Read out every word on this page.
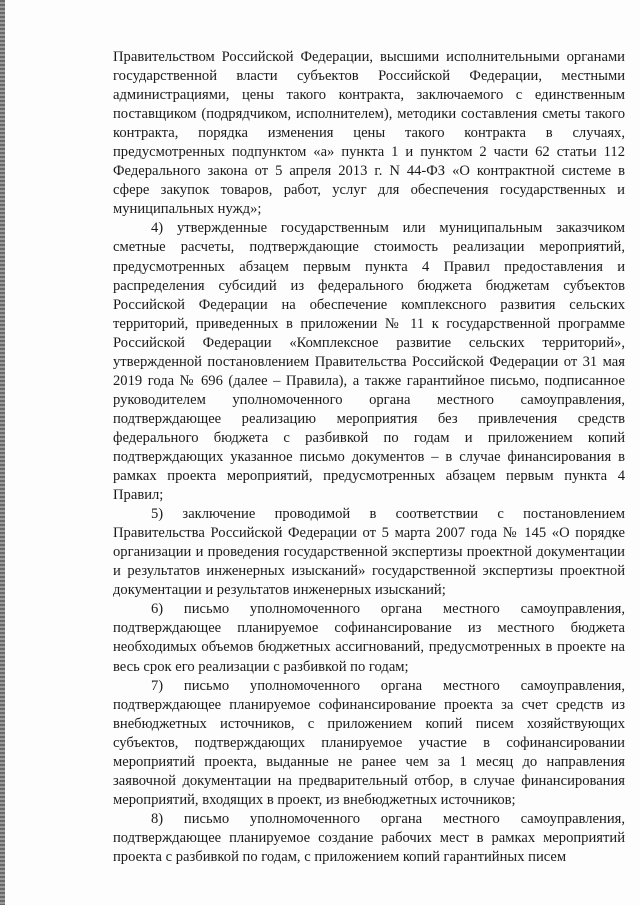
Правительством Российской Федерации, высшими исполнительными органами государственной власти субъектов Российской Федерации, местными администрациями, цены такого контракта, заключаемого с единственным поставщиком (подрядчиком, исполнителем), методики составления сметы такого контракта, порядка изменения цены такого контракта в случаях, предусмотренных подпунктом «а» пункта 1 и пунктом 2 части 62 статьи 112 Федерального закона от 5 апреля 2013 г. N 44-ФЗ «О контрактной системе в сфере закупок товаров, работ, услуг для обеспечения государственных и муниципальных нужд»;

4) утвержденные государственным или муниципальным заказчиком сметные расчеты, подтверждающие стоимость реализации мероприятий, предусмотренных абзацем первым пункта 4 Правил предоставления и распределения субсидий из федерального бюджета бюджетам субъектов Российской Федерации на обеспечение комплексного развития сельских территорий, приведенных в приложении № 11 к государственной программе Российской Федерации «Комплексное развитие сельских территорий», утвержденной постановлением Правительства Российской Федерации от 31 мая 2019 года № 696 (далее – Правила), а также гарантийное письмо, подписанное руководителем уполномоченного органа местного самоуправления, подтверждающее реализацию мероприятия без привлечения средств федерального бюджета с разбивкой по годам и приложением копий подтверждающих указанное письмо документов – в случае финансирования в рамках проекта мероприятий, предусмотренных абзацем первым пункта 4 Правил;

5) заключение проводимой в соответствии с постановлением Правительства Российской Федерации от 5 марта 2007 года № 145 «О порядке организации и проведения государственной экспертизы проектной документации и результатов инженерных изысканий» государственной экспертизы проектной документации и результатов инженерных изысканий;

6) письмо уполномоченного органа местного самоуправления, подтверждающее планируемое софинансирование из местного бюджета необходимых объемов бюджетных ассигнований, предусмотренных в проекте на весь срок его реализации с разбивкой по годам;

7) письмо уполномоченного органа местного самоуправления, подтверждающее планируемое софинансирование проекта за счет средств из внебюджетных источников, с приложением копий писем хозяйствующих субъектов, подтверждающих планируемое участие в софинансировании мероприятий проекта, выданные не ранее чем за 1 месяц до направления заявочной документации на предварительный отбор, в случае финансирования мероприятий, входящих в проект, из внебюджетных источников;

8) письмо уполномоченного органа местного самоуправления, подтверждающее планируемое создание рабочих мест в рамках мероприятий проекта с разбивкой по годам, с приложением копий гарантийных писем
